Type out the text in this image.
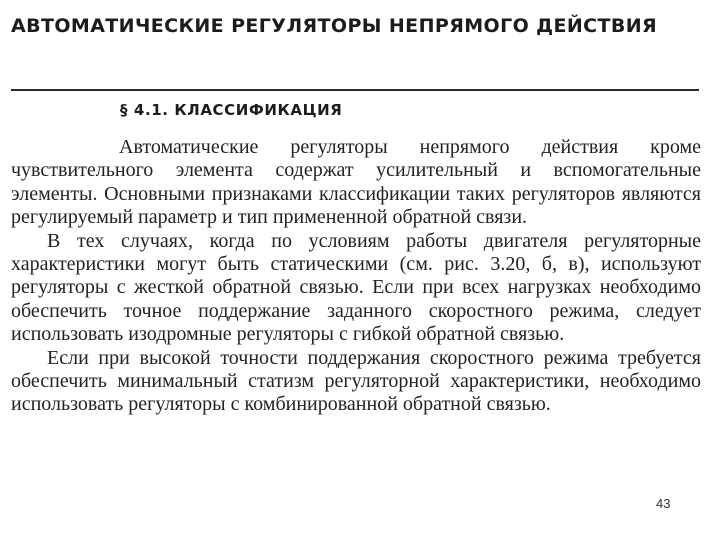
АВТОМАТИЧЕСКИЕ РЕГУЛЯТОРЫ НЕПРЯМОГО ДЕЙСТВИЯ
§ 4.1. КЛАССИФИКАЦИЯ

Автоматические регуляторы непрямого действия кроме чувствительного элемента содержат усилительный и вспомогательные элементы. Основными признаками классификации таких регуляторов являются регулируемый параметр и тип примененной обратной связи.

В тех случаях, когда по условиям работы двигателя регуляторные характеристики могут быть статическими (см. рис. 3.20, б, в), используют регуляторы с жесткой обратной связью. Если при всех нагрузках необходимо обеспечить точное поддержание заданного скоростного режима, следует использовать изодромные регуляторы с гибкой обратной связью.

Если при высокой точности поддержания скоростного режима требуется обеспечить минимальный статизм регуляторной характеристики, необходимо использовать регуляторы с комбинированной обратной связью.

43
